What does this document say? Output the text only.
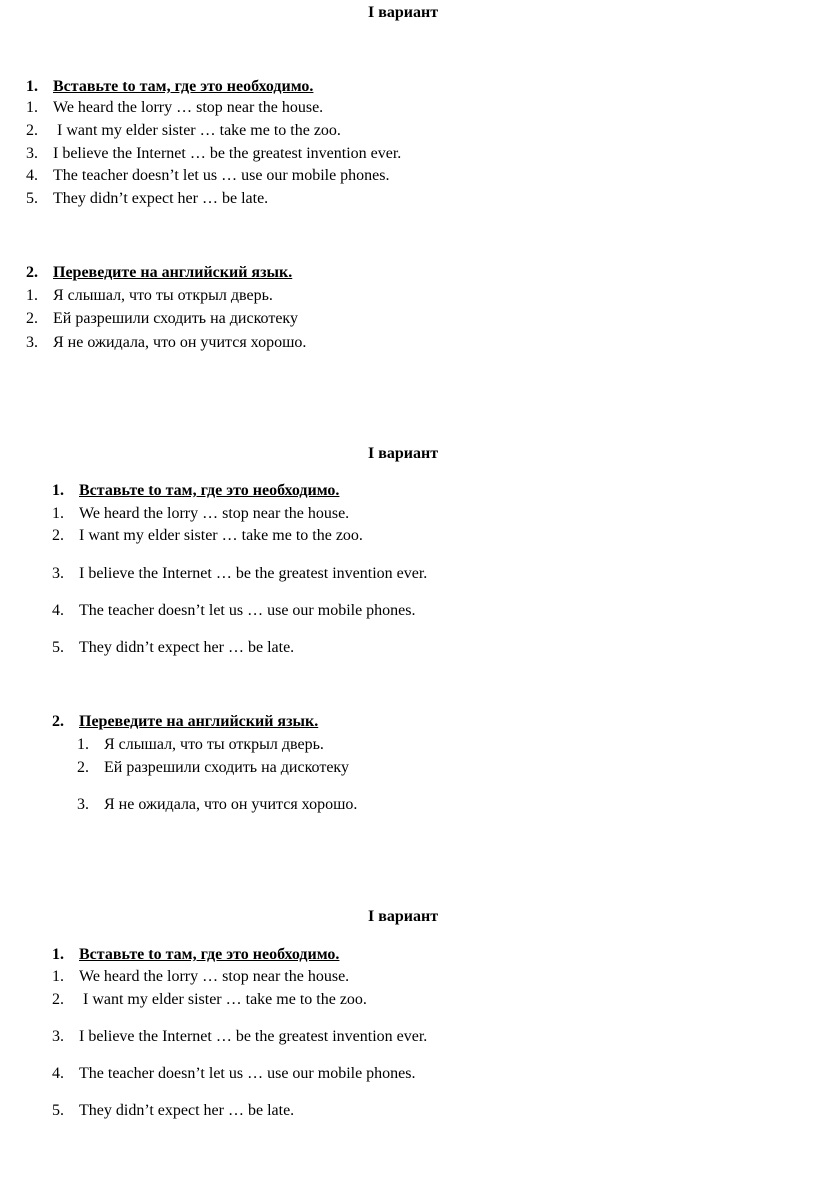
I вариант
1. Вставьте to там, где это необходимо.
1. We heard the lorry … stop near the house.
2. I want my elder sister … take me to the zoo.
3. I believe the Internet … be the greatest invention ever.
4. The teacher doesn’t let us … use our mobile phones.
5. They didn’t expect her … be late.
2. Переведите на английский язык.
1. Я слышал, что ты открыл дверь.
2. Ей разрешили сходить на дискотеку
3. Я не ожидала, что он учится хорошо.
I вариант
1. Вставьте to там, где это необходимо.
1. We heard the lorry … stop near the house.
2. I want my elder sister … take me to the zoo.
3. I believe the Internet … be the greatest invention ever.
4. The teacher doesn’t let us … use our mobile phones.
5. They didn’t expect her … be late.
2. Переведите на английский язык.
1. Я слышал, что ты открыл дверь.
2. Ей разрешили сходить на дискотеку
3. Я не ожидала, что он учится хорошо.
I вариант
1. Вставьте to там, где это необходимо.
1. We heard the lorry … stop near the house.
2. I want my elder sister … take me to the zoo.
3. I believe the Internet … be the greatest invention ever.
4. The teacher doesn’t let us … use our mobile phones.
5. They didn’t expect her … be late.
